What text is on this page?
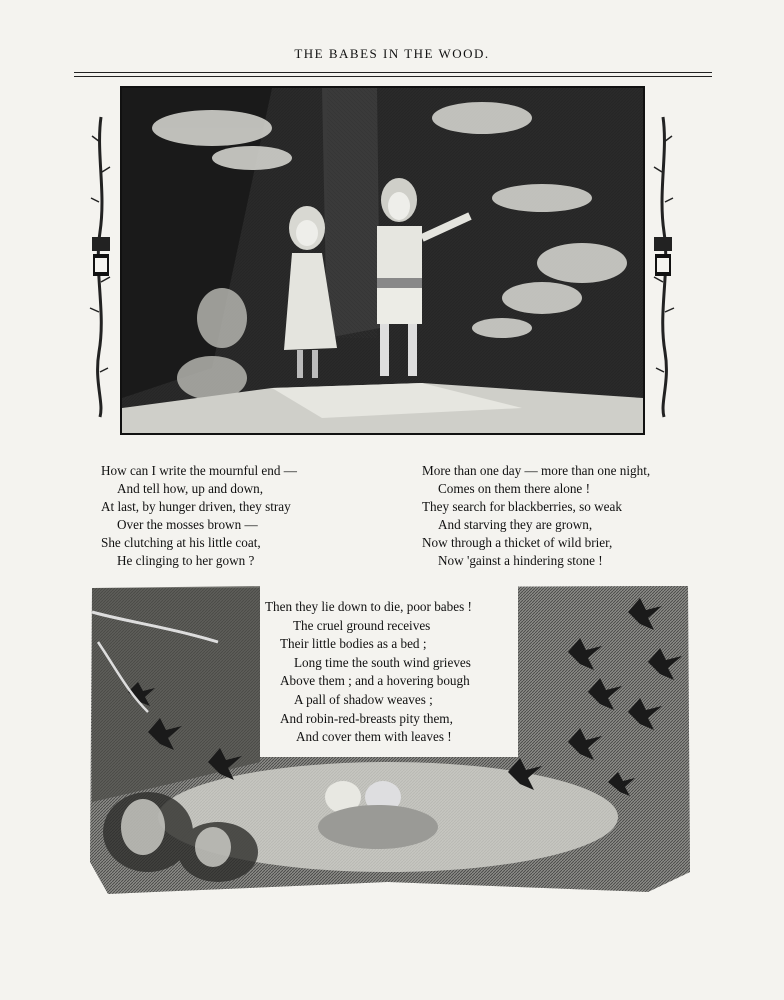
THE BABES IN THE WOOD.
How can I write the mournful end —
And tell how, up and down,
At last, by hunger driven, they stray
Over the mosses brown —
She clutching at his little coat,
He clinging to her gown ?
More than one day — more than one night,
Comes on them there alone !
They search for blackberries, so weak
And starving they are grown,
Now through a thicket of wild brier,
Now 'gainst a hindering stone !
Then they lie down to die, poor babes !
The cruel ground receives
Their little bodies as a bed ;
Long time the south wind grieves
Above them ; and a hovering bough
A pall of shadow weaves ;
And robin-red-breasts pity them,
And cover them with leaves !
